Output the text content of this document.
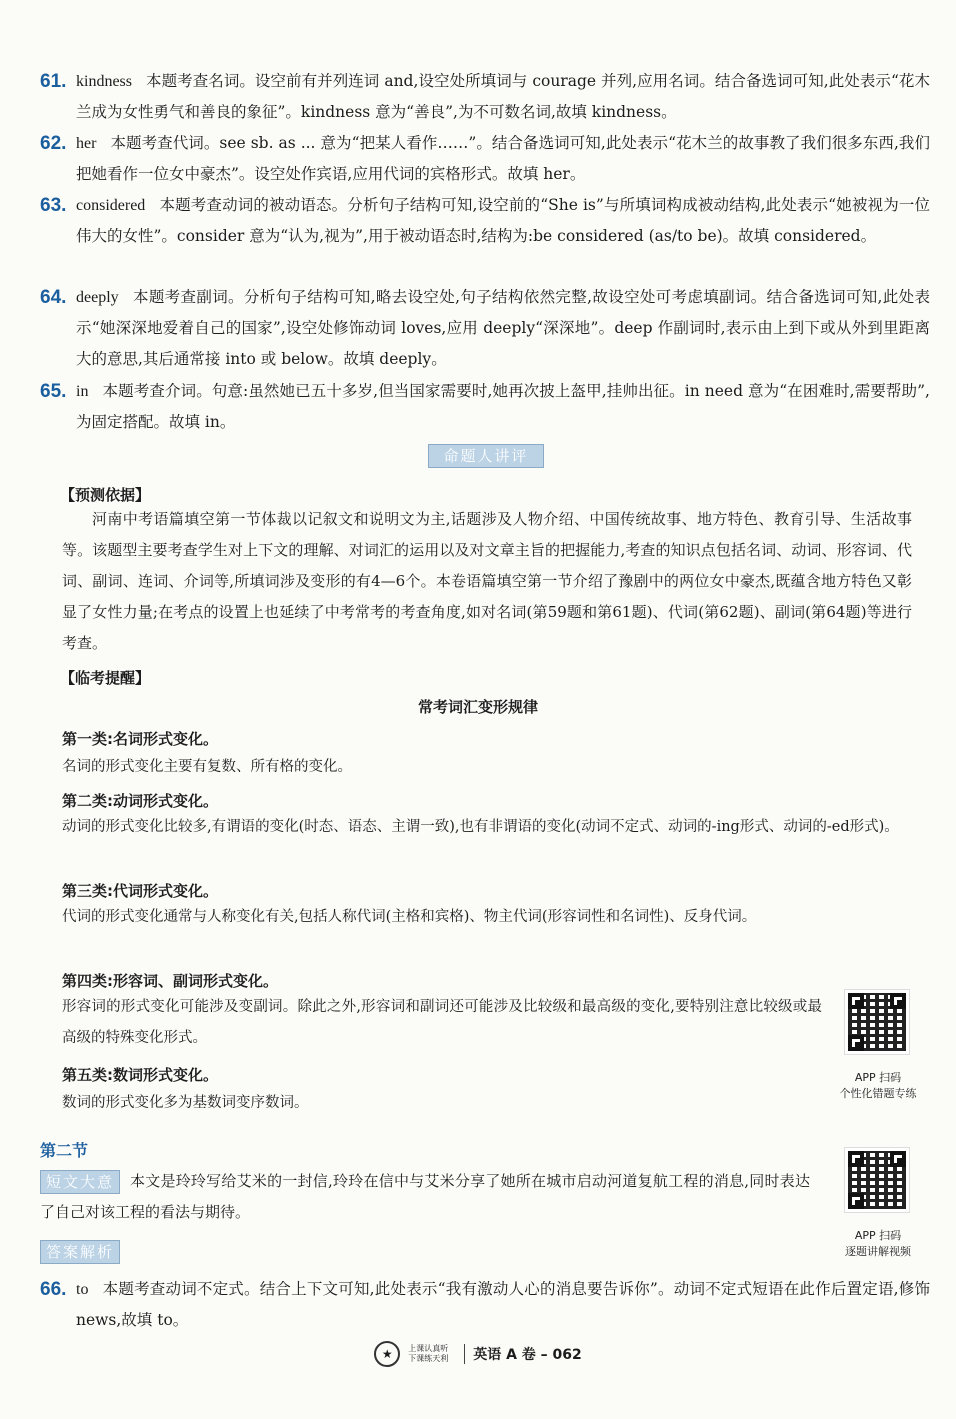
61. kindness 本题考查名词。设空前有并列连词 and,设空处所填词与 courage 并列,应用名词。结合备选词可知,此处表示“花木兰成为女性勇气和善良的象征”。kindness 意为“善良”,为不可数名词,故填 kindness。
62. her 本题考查代词。see sb. as ... 意为“把某人看作……”。结合备选词可知,此处表示“花木兰的故事教了我们很多东西,我们把她看作一位女中豪杰”。设空处作宾语,应用代词的宾格形式。故填 her。
63. considered 本题考查动词的被动语态。分析句子结构可知,设空前的“She is”与所填词构成被动结构,此处表示“她被视为一位伟大的女性”。consider 意为“认为,视为”,用于被动语态时,结构为:be considered (as/to be)。故填 considered。
64. deeply 本题考查副词。分析句子结构可知,略去设空处,句子结构依然完整,故设空处可考虑填副词。结合备选词可知,此处表示“她深深地爱着自己的国家”,设空处修饰动词 loves,应用 deeply“深深地”。deep 作副词时,表示由上到下或从外到里距离大的意思,其后通常接 into 或 below。故填 deeply。
65. in 本题考查介词。句意:虽然她已五十多岁,但当国家需要时,她再次披上盔甲,挂帅出征。in need 意为“在困难时,需要帮助”,为固定搭配。故填 in。
命题人讲评
【预测依据】
河南中考语篇填空第一节体裁以记叙文和说明文为主,话题涉及人物介绍、中国传统故事、地方特色、教育引导、生活故事等。该题型主要考查学生对上下文的理解、对词汇的运用以及对文章主旨的把握能力,考查的知识点包括名词、动词、形容词、代词、副词、连词、介词等,所填词涉及变形的有4—6个。本卷语篇填空第一节介绍了豫剧中的两位女中豪杰,既蕴含地方特色又彰显了女性力量;在考点的设置上也延续了中考常考的考查角度,如对名词(第59题和第61题)、代词(第62题)、副词(第64题)等进行考查。
【临考提醒】
常考词汇变形规律
第一类:名词形式变化。
名词的形式变化主要有复数、所有格的变化。
第二类:动词形式变化。
动词的形式变化比较多,有谓语的变化(时态、语态、主谓一致),也有非谓语的变化(动词不定式、动词的-ing形式、动词的-ed形式)。
第三类:代词形式变化。
代词的形式变化通常与人称变化有关,包括人称代词(主格和宾格)、物主代词(形容词性和名词性)、反身代词。
第四类:形容词、副词形式变化。
形容词的形式变化可能涉及变副词。除此之外,形容词和副词还可能涉及比较级和最高级的变化,要特别注意比较级或最高级的特殊变化形式。
第五类:数词形式变化。
数词的形式变化多为基数词变序数词。
APP 扫码
个性化错题专练
第二节
短文大意	本文是玲玲写给艾米的一封信,玲玲在信中与艾米分享了她所在城市启动河道复航工程的消息,同时表达了自己对该工程的看法与期待。
APP 扫码
逐题讲解视频
答案解析
66. to 本题考查动词不定式。结合上下文可知,此处表示“我有激动人心的消息要告诉你”。动词不定式短语在此作后置定语,修饰 news,故填 to。
★	上课认真听 下课练天利	英语 A 卷 – 062
